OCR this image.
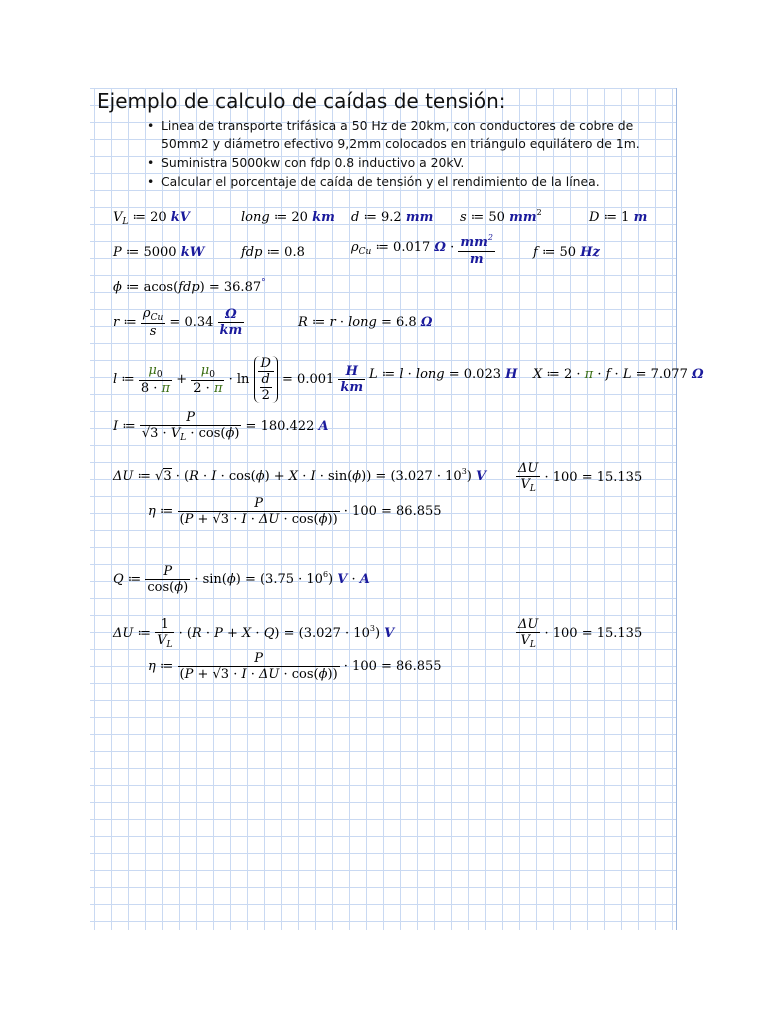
Ejemplo de calculo de caídas de tensión:
• Linea de transporte trifásica a 50 Hz de 20km, con conductores de cobre de 50mm2 y diámetro efectivo 9,2mm colocados en triángulo equilátero de 1m.
• Suministra 5000kw con fdp 0.8 inductivo a 20kV.
• Calcular el porcentaje de caída de tensión y el rendimiento de la línea.
$V_L$ ≔ 20 kV	long ≔ 20 km d ≔ 9.2 mm s ≔ 50 $mm^2$	D ≔ 1 m
P ≔ 5000 kW	fdp ≔ 0.8	$\rho_{Cu}$ ≔ 0.017 $\Omega \cdot \frac{mm^2}{m}$	f ≔ 50 Hz
ϕ ≔ acos(fdp) = 36.87°
r ≔ $\frac{\rho_{Cu}}{s} = 0.34 \frac{\Omega}{km}$	R ≔ r · long = 6.8 Ω
l ≔ $\frac{\mu_0}{8 \cdot \pi} + \frac{\mu_0}{2 \cdot \pi} \cdot \ln \frac{D}{\frac{d}{2}} = 0.001 \frac{H}{km}$ L ≔ l · long = 0.023 H X ≔ 2 · π · f · L = 7.077 Ω
I ≔ $\frac{P}{√3 \cdot V_L \cdot \cos(\phi)} = 180.422$ A
ΔU ≔ $√3 \cdot (R \cdot I \cdot \cos(\phi) + X \cdot I \cdot \sin(\phi)) = (3.027 \cdot 10^3)$ V $\frac{\Delta U}{V_L} \cdot 100 = 15.135$
η ≔ $\frac{P}{(P + √3 \cdot I \cdot \Delta U \cdot \cos(\phi))} \cdot 100 = 86.855$
Q ≔ $\frac{P}{\cos(\phi)} \cdot \sin(\phi) = (3.75 \cdot 10^6) V \cdot A$
ΔU ≔ $\frac{1}{V_L} \cdot (R \cdot P + X \cdot Q) = (3.027 \cdot 10^3)$ V	$\frac{\Delta U}{V_L} \cdot 100 = 15.135$
η ≔ $\frac{P}{(P + √3 \cdot I \cdot \Delta U \cdot \cos(\phi))} \cdot 100 = 86.855$
